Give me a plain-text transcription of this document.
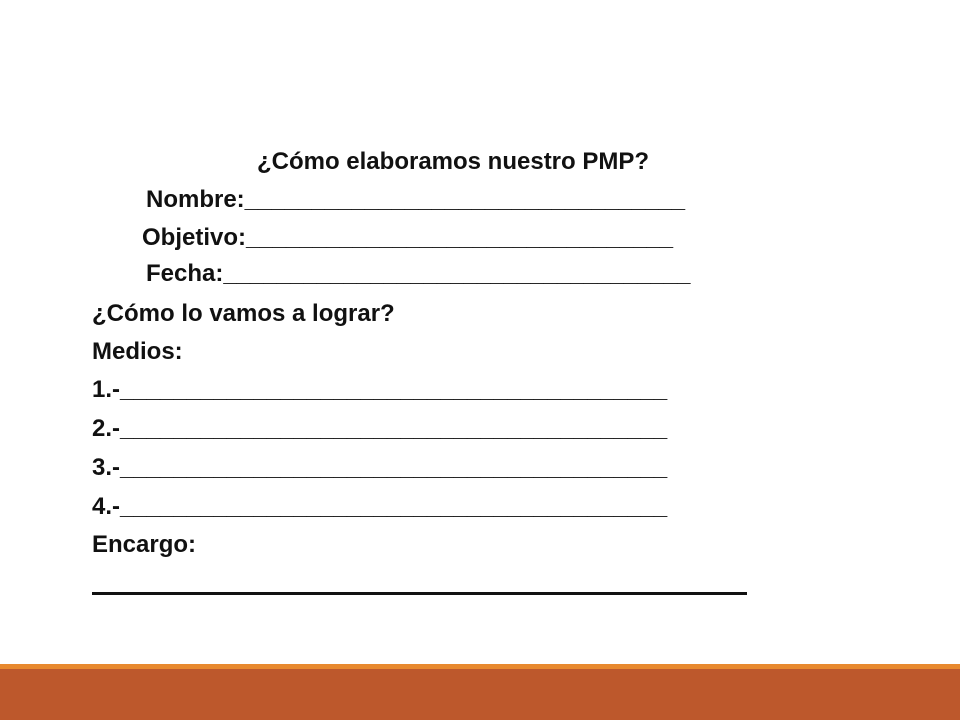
¿Cómo elaboramos nuestro PMP?

Nombre:_________________________________

Objetivo:________________________________

Fecha:___________________________________

¿Cómo lo vamos a lograr?

Medios:

1.-_________________________________________

2.-_________________________________________

3.-_________________________________________

4.-_________________________________________

Encargo:
